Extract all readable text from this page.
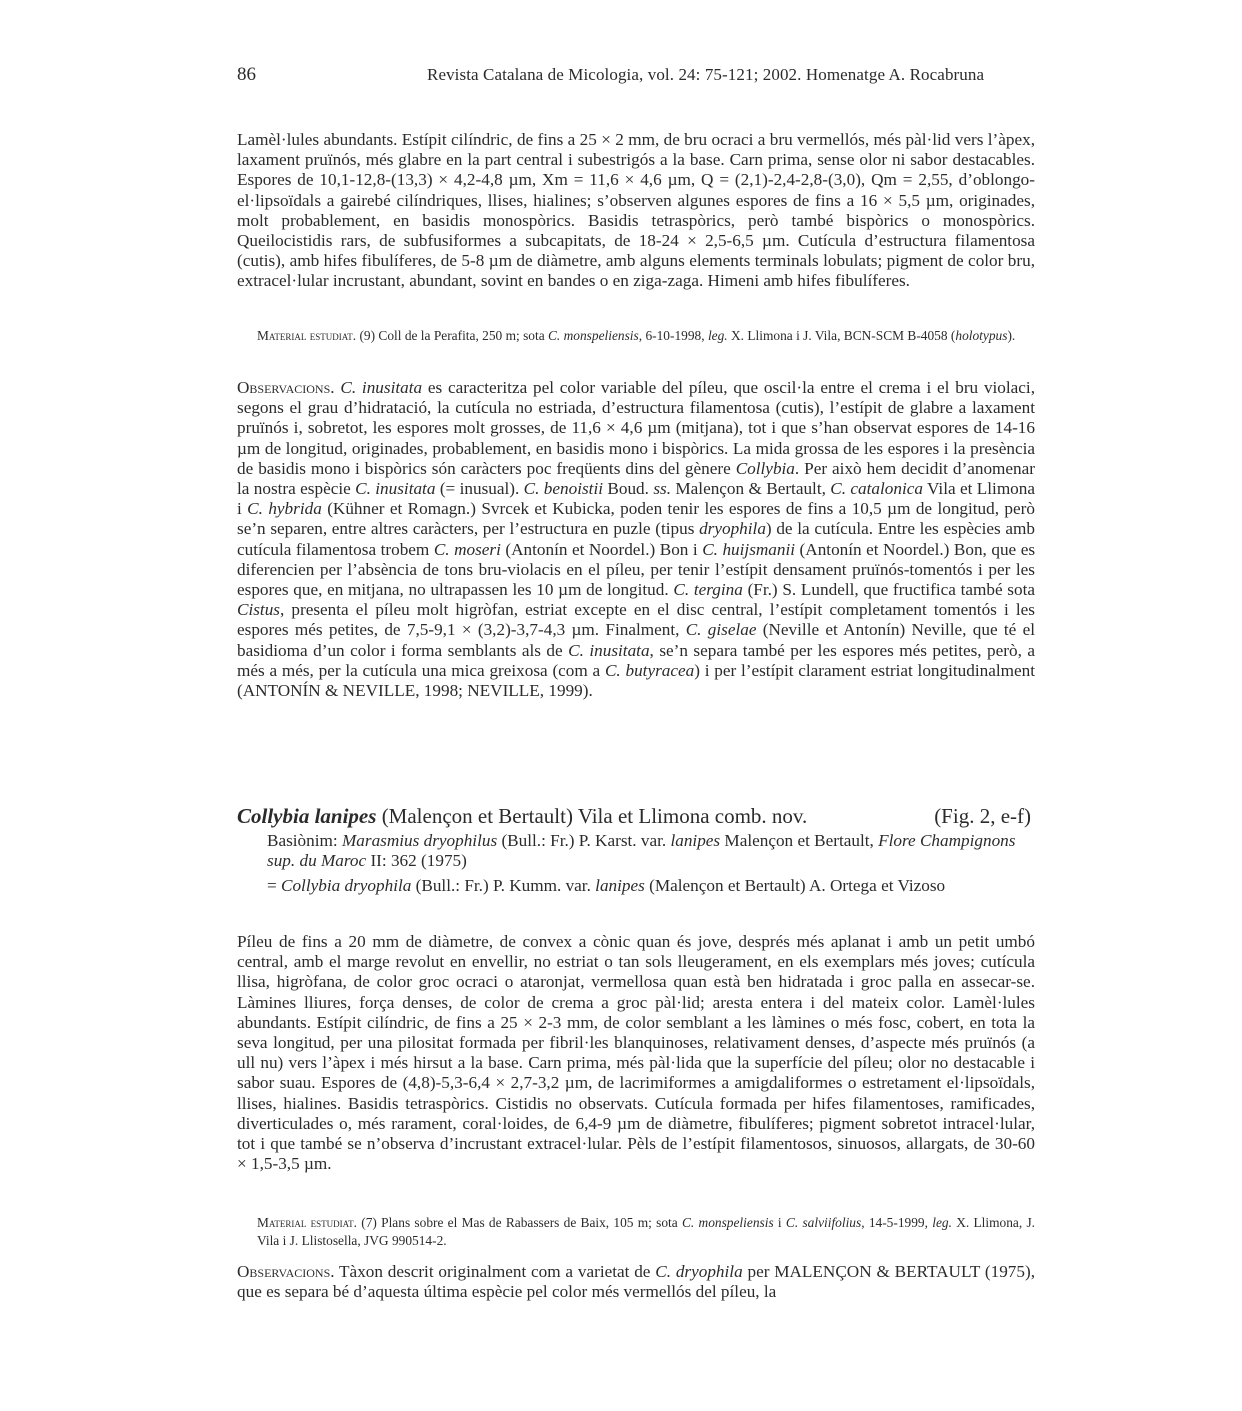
86	Revista Catalana de Micologia, vol. 24: 75-121; 2002. Homenatge A. Rocabruna

Lamèl·lules abundants. Estípit cilíndric, de fins a 25 × 2 mm, de bru ocraci a bru vermellós, més pàl·lid vers l’àpex, laxament pruïnós, més glabre en la part central i subestrigós a la base. Carn prima, sense olor ni sabor destacables. Espores de 10,1-12,8-(13,3) × 4,2-4,8 µm, Xm = 11,6 × 4,6 µm, Q = (2,1)-2,4-2,8-(3,0), Qm = 2,55, d’oblongo-el·lipsoïdals a gairebé cilíndriques, llises, hialines; s’observen algunes espores de fins a 16 × 5,5 µm, originades, molt probablement, en basidis monospòrics. Basidis tetraspòrics, però també bispòrics o monospòrics. Queilocistidis rars, de subfusiformes a subcapitats, de 18-24 × 2,5-6,5 µm. Cutícula d’estructura filamentosa (cutis), amb hifes fibulíferes, de 5-8 µm de diàmetre, amb alguns elements terminals lobulats; pigment de color bru, extracel·lular incrustant, abundant, sovint en bandes o en ziga-zaga. Himeni amb hifes fibulíferes.

Material estudiat. (9) Coll de la Perafita, 250 m; sota C. monspeliensis, 6-10-1998, leg. X. Llimona i J. Vila, BCN-SCM B-4058 (holotypus).

Observacions. C. inusitata es caracteritza pel color variable del píleu, que oscil·la entre el crema i el bru violaci, segons el grau d’hidratació, la cutícula no estriada, d’estructura filamentosa (cutis), l’estípit de glabre a laxament pruïnós i, sobretot, les espores molt grosses, de 11,6 × 4,6 µm (mitjana), tot i que s’han observat espores de 14-16 µm de longitud, originades, probablement, en basidis mono i bispòrics. La mida grossa de les espores i la presència de basidis mono i bispòrics són caràcters poc freqüents dins del gènere Collybia. Per això hem decidit d’anomenar la nostra espècie C. inusitata (= inusual). C. benoistii Boud. ss. Malençon & Bertault, C. catalonica Vila et Llimona i C. hybrida (Kühner et Romagn.) Svrcek et Kubicka, poden tenir les espores de fins a 10,5 µm de longitud, però se’n separen, entre altres caràcters, per l’estructura en puzle (tipus dryophila) de la cutícula. Entre les espècies amb cutícula filamentosa trobem C. moseri (Antonín et Noordel.) Bon i C. huijsmanii (Antonín et Noordel.) Bon, que es diferencien per l’absència de tons bru-violacis en el píleu, per tenir l’estípit densament pruïnós-tomentós i per les espores que, en mitjana, no ultrapassen les 10 µm de longitud. C. tergina (Fr.) S. Lundell, que fructifica també sota Cistus, presenta el píleu molt higròfan, estriat excepte en el disc central, l’estípit completament tomentós i les espores més petites, de 7,5-9,1 × (3,2)-3,7-4,3 µm. Finalment, C. giselae (Neville et Antonín) Neville, que té el basidioma d’un color i forma semblants als de C. inusitata, se’n separa també per les espores més petites, però, a més a més, per la cutícula una mica greixosa (com a C. butyracea) i per l’estípit clarament estriat longitudinalment (ANTONÍN & NEVILLE, 1998; NEVILLE, 1999).

Collybia lanipes (Malençon et Bertault) Vila et Llimona comb. nov.	(Fig. 2, e-f)

Basiònim: Marasmius dryophilus (Bull.: Fr.) P. Karst. var. lanipes Malençon et Bertault, Flore Champignons sup. du Maroc II: 362 (1975)

= Collybia dryophila (Bull.: Fr.) P. Kumm. var. lanipes (Malençon et Bertault) A. Ortega et Vizoso

Píleu de fins a 20 mm de diàmetre, de convex a cònic quan és jove, després més aplanat i amb un petit umbó central, amb el marge revolut en envellir, no estriat o tan sols lleugerament, en els exemplars més joves; cutícula llisa, higròfana, de color groc ocraci o ataronjat, vermellosa quan està ben hidratada i groc palla en assecar-se. Làmines lliures, força denses, de color de crema a groc pàl·lid; aresta entera i del mateix color. Lamèl·lules abundants. Estípit cilíndric, de fins a 25 × 2-3 mm, de color semblant a les làmines o més fosc, cobert, en tota la seva longitud, per una pilositat formada per fibril·les blanquinoses, relativament denses, d’aspecte més pruïnós (a ull nu) vers l’àpex i més hirsut a la base. Carn prima, més pàl·lida que la superfície del píleu; olor no destacable i sabor suau. Espores de (4,8)-5,3-6,4 × 2,7-3,2 µm, de lacrimiformes a amigdaliformes o estretament el·lipsoïdals, llises, hialines. Basidis tetraspòrics. Cistidis no observats. Cutícula formada per hifes filamentoses, ramificades, diverticulades o, més rarament, coral·loides, de 6,4-9 µm de diàmetre, fibulíferes; pigment sobretot intracel·lular, tot i que també se n’observa d’incrustant extracel·lular. Pèls de l’estípit filamentosos, sinuosos, allargats, de 30-60 × 1,5-3,5 µm.

Material estudiat. (7) Plans sobre el Mas de Rabassers de Baix, 105 m; sota C. monspeliensis i C. salviifolius, 14-5-1999, leg. X. Llimona, J. Vila i J. Llistosella, JVG 990514-2.

Observacions. Tàxon descrit originalment com a varietat de C. dryophila per MALENÇON & BERTAULT (1975), que es separa bé d’aquesta última espècie pel color més vermellós del píleu, la
